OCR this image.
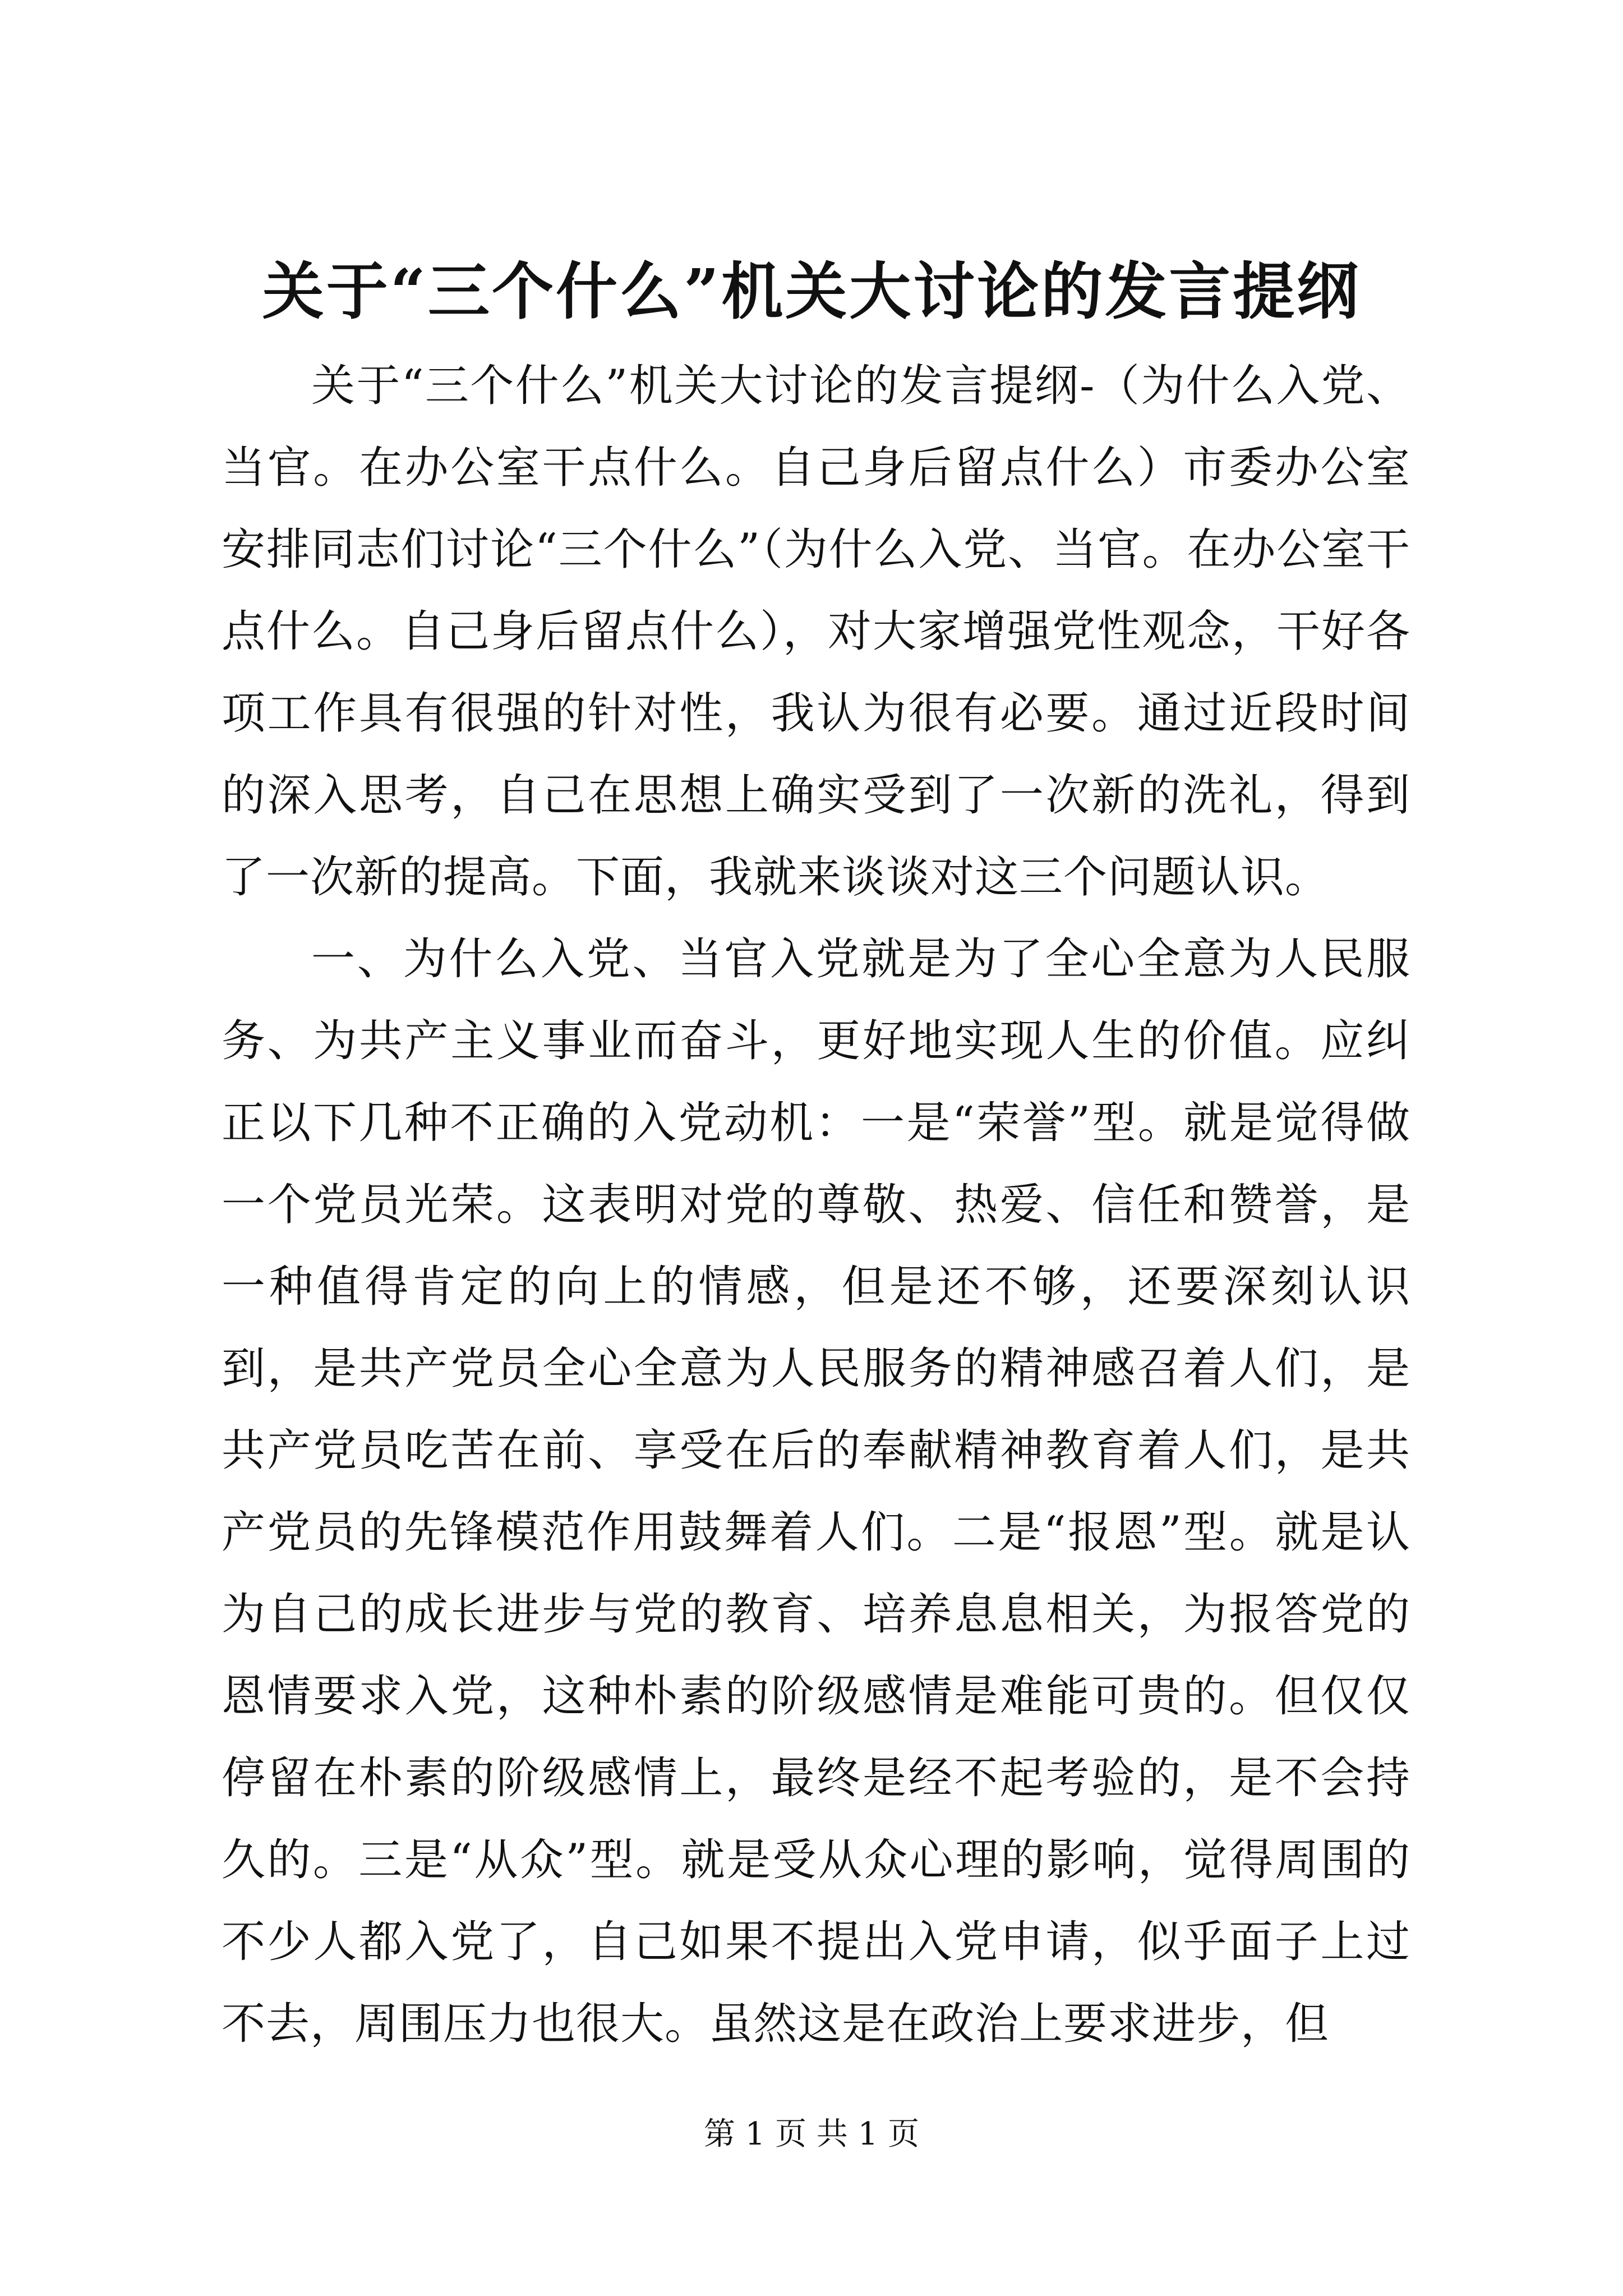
关于“三个什么”机关大讨论的发言提纲

关于“三个什么”机关大讨论的发言提纲-（为什么入党、当官。在办公室干点什么。自己身后留点什么）市委办公室安排同志们讨论“三个什么”（为什么入党、当官。在办公室干点什么。自己身后留点什么），对大家增强党性观念，干好各项工作具有很强的针对性，我认为很有必要。通过近段时间的深入思考，自己在思想上确实受到了一次新的洗礼，得到了一次新的提高。下面，我就来谈谈对这三个问题认识。

一、为什么入党、当官入党就是为了全心全意为人民服务、为共产主义事业而奋斗，更好地实现人生的价值。应纠正以下几种不正确的入党动机：一是“荣誉”型。就是觉得做一个党员光荣。这表明对党的尊敬、热爱、信任和赞誉，是一种值得肯定的向上的情感，但是还不够，还要深刻认识到，是共产党员全心全意为人民服务的精神感召着人们，是共产党员吃苦在前、享受在后的奉献精神教育着人们，是共产党员的先锋模范作用鼓舞着人们。二是“报恩”型。就是认为自己的成长进步与党的教育、培养息息相关，为报答党的恩情要求入党，这种朴素的阶级感情是难能可贵的。但仅仅停留在朴素的阶级感情上，最终是经不起考验的，是不会持久的。三是“从众”型。就是受从众心理的影响，觉得周围的不少人都入党了，自己如果不提出入党申请，似乎面子上过不去，周围压力也很大。虽然这是在政治上要求进步，但

第 1 页 共 1 页
